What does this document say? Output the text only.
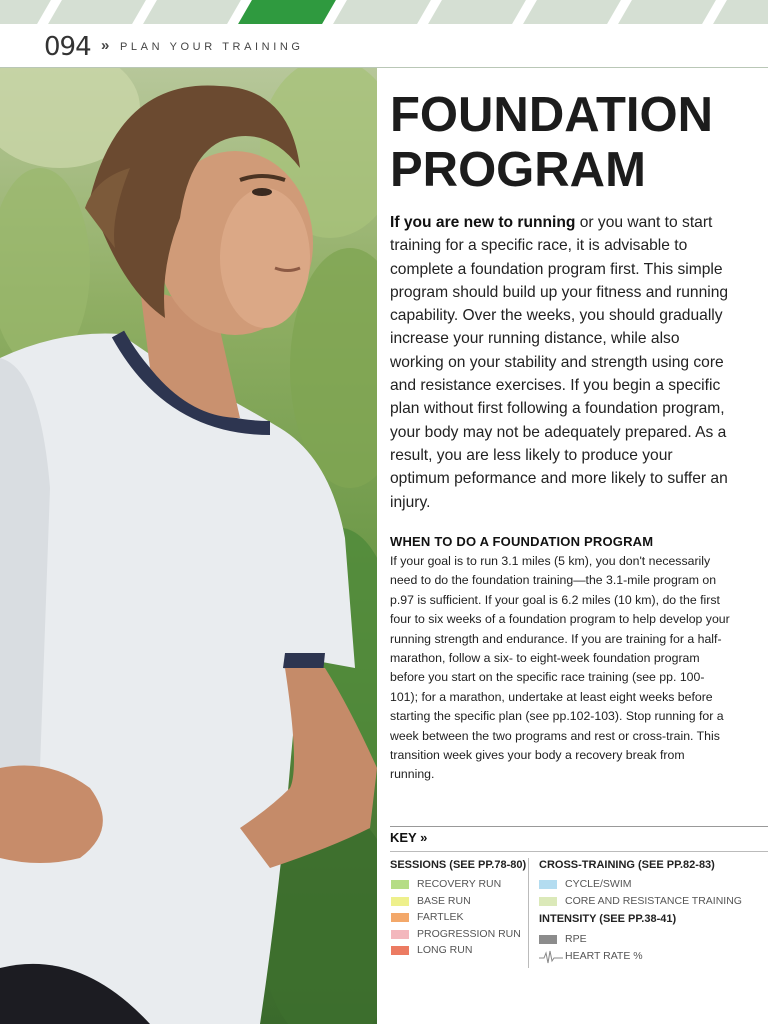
094 » PLAN YOUR TRAINING
FOUNDATION
PROGRAM
If you are new to running or you want to start training for a specific race, it is advisable to complete a foundation program first. This simple program should build up your fitness and running capability. Over the weeks, you should gradually increase your running distance, while also working on your stability and strength using core and resistance exercises. If you begin a specific plan without first following a foundation program, your body may not be adequately prepared. As a result, you are less likely to produce your optimum peformance and more likely to suffer an injury.
WHEN TO DO A FOUNDATION PROGRAM
If your goal is to run 3.1 miles (5 km), you don't necessarily need to do the foundation training—the 3.1-mile program on p.97 is sufficient. If your goal is 6.2 miles (10 km), do the first four to six weeks of a foundation program to help develop your running strength and endurance. If you are training for a half-marathon, follow a six- to eight-week foundation program before you start on the specific race training (see pp. 100-101); for a marathon, undertake at least eight weeks before starting the specific plan (see pp.102-103). Stop running for a week between the two programs and rest or cross-train. This transition week gives your body a recovery break from running.
KEY »
SESSIONS (SEE PP.78-80)
RECOVERY RUN
BASE RUN
FARTLEK
PROGRESSION RUN
LONG RUN
CROSS-TRAINING (SEE PP.82-83)
CYCLE/SWIM
CORE AND RESISTANCE TRAINING
INTENSITY (SEE PP.38-41)
RPE
HEART RATE %
